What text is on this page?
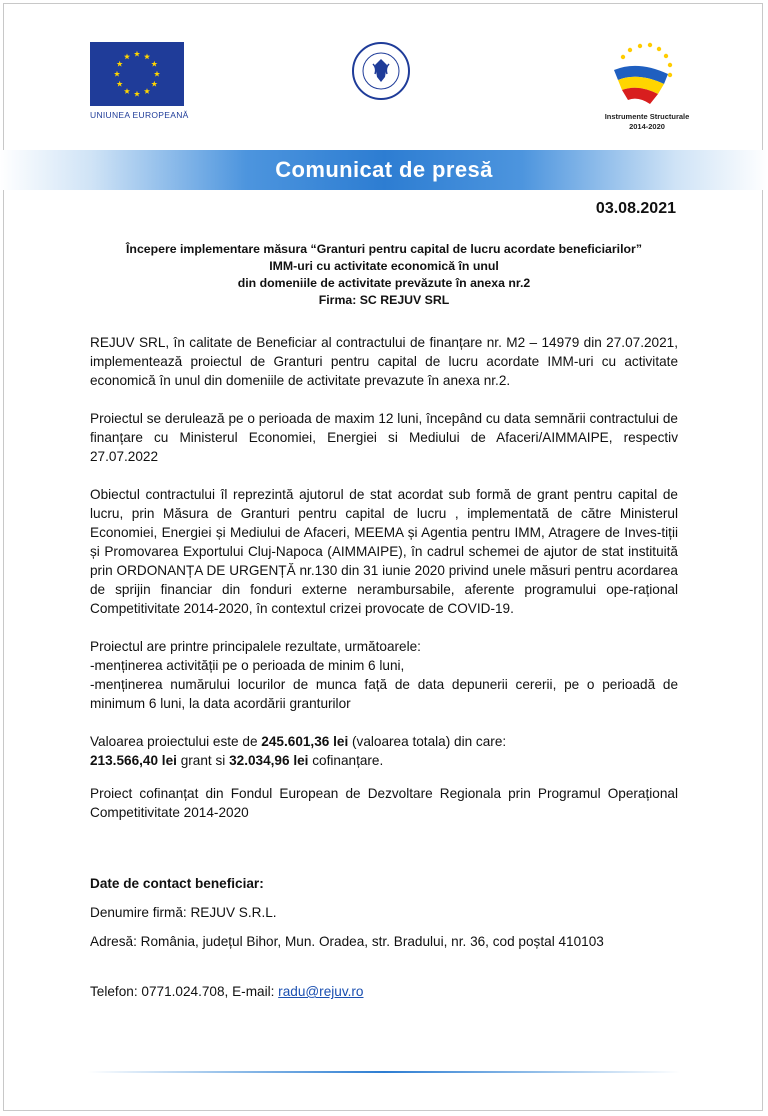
UNIUNEA EUROPEANĂ	Instrumente Structurale
2014-2020
Comunicat de presă
03.08.2021
Începere implementare măsura “Granturi pentru capital de lucru acordate beneficiarilor”
IMM-uri cu activitate economică în unul
din domeniile de activitate prevăzute în anexa nr.2
Firma: SC REJUV SRL

REJUV SRL, în calitate de Beneficiar al contractului de finanțare nr. M2 – 14979 din 27.07.2021, implementează proiectul de Granturi pentru capital de lucru acordate IMM-uri cu activitate economică în unul din domeniile de activitate prevazute în anexa nr.2.

Proiectul se derulează pe o perioada de maxim 12 luni, începând cu data semnării contractului de finanțare cu Ministerul Economiei, Energiei si Mediului de Afaceri/AIMMAIPE, respectiv 27.07.2022

Obiectul contractului îl reprezintă ajutorul de stat acordat sub formă de grant pentru capital de lucru, prin Măsura de Granturi pentru capital de lucru , implementată de către Ministerul Economiei, Energiei și Mediului de Afaceri, MEEMA și Agentia pentru IMM, Atragere de Inves-tiții și Promovarea Exportului Cluj-Napoca (AIMMAIPE), în cadrul schemei de ajutor de stat instituită prin ORDONANȚA DE URGENȚĂ nr.130 din 31 iunie 2020 privind unele măsuri pentru acordarea de sprijin financiar din fonduri externe nerambursabile, aferente programului ope-rațional Competitivitate 2014-2020, în contextul crizei provocate de COVID-19.

Proiectul are printre principalele rezultate, următoarele:

-menținerea activității pe o perioada de minim 6 luni,

-menținerea numărului locurilor de munca față de data depunerii cererii, pe o perioadă de minimum 6 luni, la data acordării granturilor

Valoarea proiectului este de 245.601,36 lei (valoarea totala) din care:
213.566,40 lei grant si 32.034,96 lei cofinanțare.

Proiect cofinanțat din Fondul European de Dezvoltare Regionala prin Programul Operațional Competitivitate 2014-2020

Date de contact beneficiar:

Denumire firmă: REJUV S.R.L.

Adresă: România, județul Bihor, Mun. Oradea, str. Bradului, nr. 36, cod poștal 410103

Telefon: 0771.024.708, E-mail: radu@rejuv.ro
